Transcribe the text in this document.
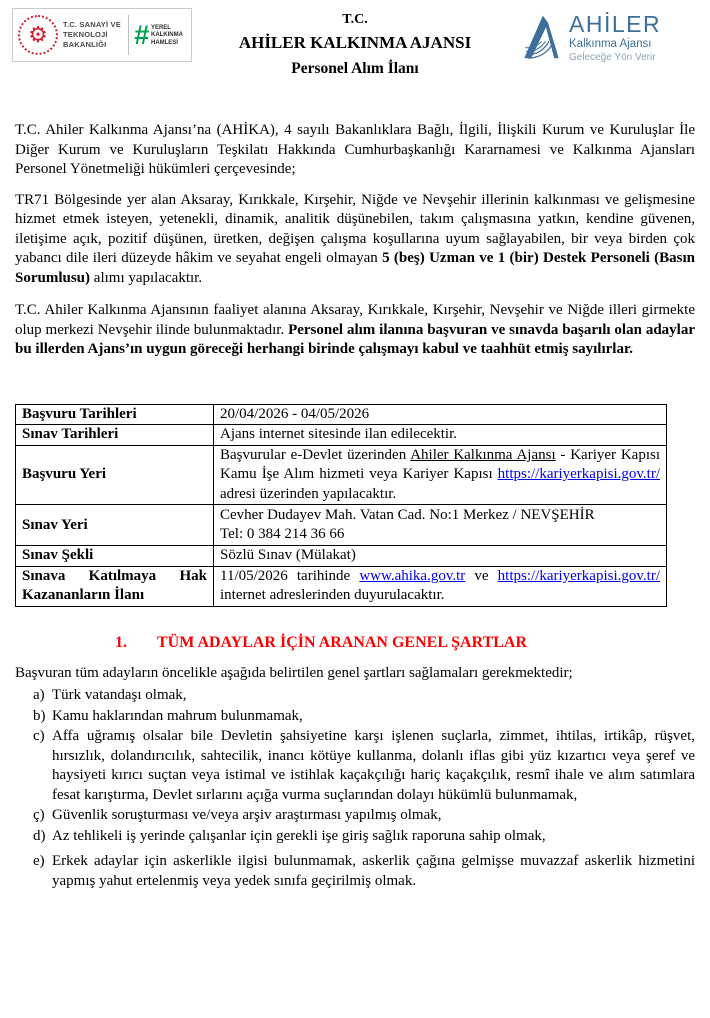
⚙ T.C. SANAYİ VE
TEKNOLOJİ BAKANLIĞI	# YEREL
KALKINMA
HAMLESİ
T.C.
AHİLER KALKINMA AJANSI
Personel Alım İlanı
AHİLER
Kalkınma Ajansı
Geleceğe Yön Verir

T.C. Ahiler Kalkınma Ajansı’na (AHİKA), 4 sayılı Bakanlıklara Bağlı, İlgili, İlişkili Kurum ve Kuruluşlar İle Diğer Kurum ve Kuruluşların Teşkilatı Hakkında Cumhurbaşkanlığı Kararnamesi ve Kalkınma Ajansları Personel Yönetmeliği hükümleri çerçevesinde;

TR71 Bölgesinde yer alan Aksaray, Kırıkkale, Kırşehir, Niğde ve Nevşehir illerinin kalkınması ve gelişmesine hizmet etmek isteyen, yetenekli, dinamik, analitik düşünebilen, takım çalışmasına yatkın, kendine güvenen, iletişime açık, pozitif düşünen, üretken, değişen çalışma koşullarına uyum sağlayabilen, bir veya birden çok yabancı dile ileri düzeyde hâkim ve seyahat engeli olmayan 5 (beş) Uzman ve 1 (bir) Destek Personeli (Basın Sorumlusu) alımı yapılacaktır.

T.C. Ahiler Kalkınma Ajansının faaliyet alanına Aksaray, Kırıkkale, Kırşehir, Nevşehir ve Niğde illeri girmekte olup merkezi Nevşehir ilinde bulunmaktadır. Personel alım ilanına başvuran ve sınavda başarılı olan adaylar bu illerden Ajans’ın uygun göreceği herhangi birinde çalışmayı kabul ve taahhüt etmiş sayılırlar.

Başvuru Tarihleri	20/04/2026 - 04/05/2026
Sınav Tarihleri	Ajans internet sitesinde ilan edilecektir.
Başvuru Yeri	Başvurular e-Devlet üzerinden Ahiler Kalkınma Ajansı - Kariyer Kapısı Kamu İşe Alım hizmeti veya Kariyer Kapısı https://kariyerkapisi.gov.tr/ adresi üzerinden yapılacaktır.
Sınav Yeri	Cevher Dudayev Mah. Vatan Cad. No:1 Merkez / NEVŞEHİR
Tel: 0 384 214 36 66
Sınav Şekli	Sözlü Sınav (Mülakat)
Sınava Katılmaya Hak Kazananların İlanı	11/05/2026 tarihinde www.ahika.gov.tr ve https://kariyerkapisi.gov.tr/ internet adreslerinden duyurulacaktır.
1.	TÜM ADAYLAR İÇİN ARANAN GENEL ŞARTLAR

Başvuran tüm adayların öncelikle aşağıda belirtilen genel şartları sağlamaları gerekmektedir;

a) Türk vatandaşı olmak,
b) Kamu haklarından mahrum bulunmamak,
c) Affa uğramış olsalar bile Devletin şahsiyetine karşı işlenen suçlarla, zimmet, ihtilas, irtikâp, rüşvet, hırsızlık, dolandırıcılık, sahtecilik, inancı kötüye kullanma, dolanlı iflas gibi yüz kızartıcı veya şeref ve haysiyeti kırıcı suçtan veya istimal ve istihlak kaçakçılığı hariç kaçakçılık, resmî ihale ve alım satımlara fesat karıştırma, Devlet sırlarını açığa vurma suçlarından dolayı hükümlü bulunmamak,
ç) Güvenlik soruşturması ve/veya arşiv araştırması yapılmış olmak,
d) Az tehlikeli iş yerinde çalışanlar için gerekli işe giriş sağlık raporuna sahip olmak,
e) Erkek adaylar için askerlikle ilgisi bulunmamak, askerlik çağına gelmişse muvazzaf askerlik hizmetini yapmış yahut ertelenmiş veya yedek sınıfa geçirilmiş olmak.
